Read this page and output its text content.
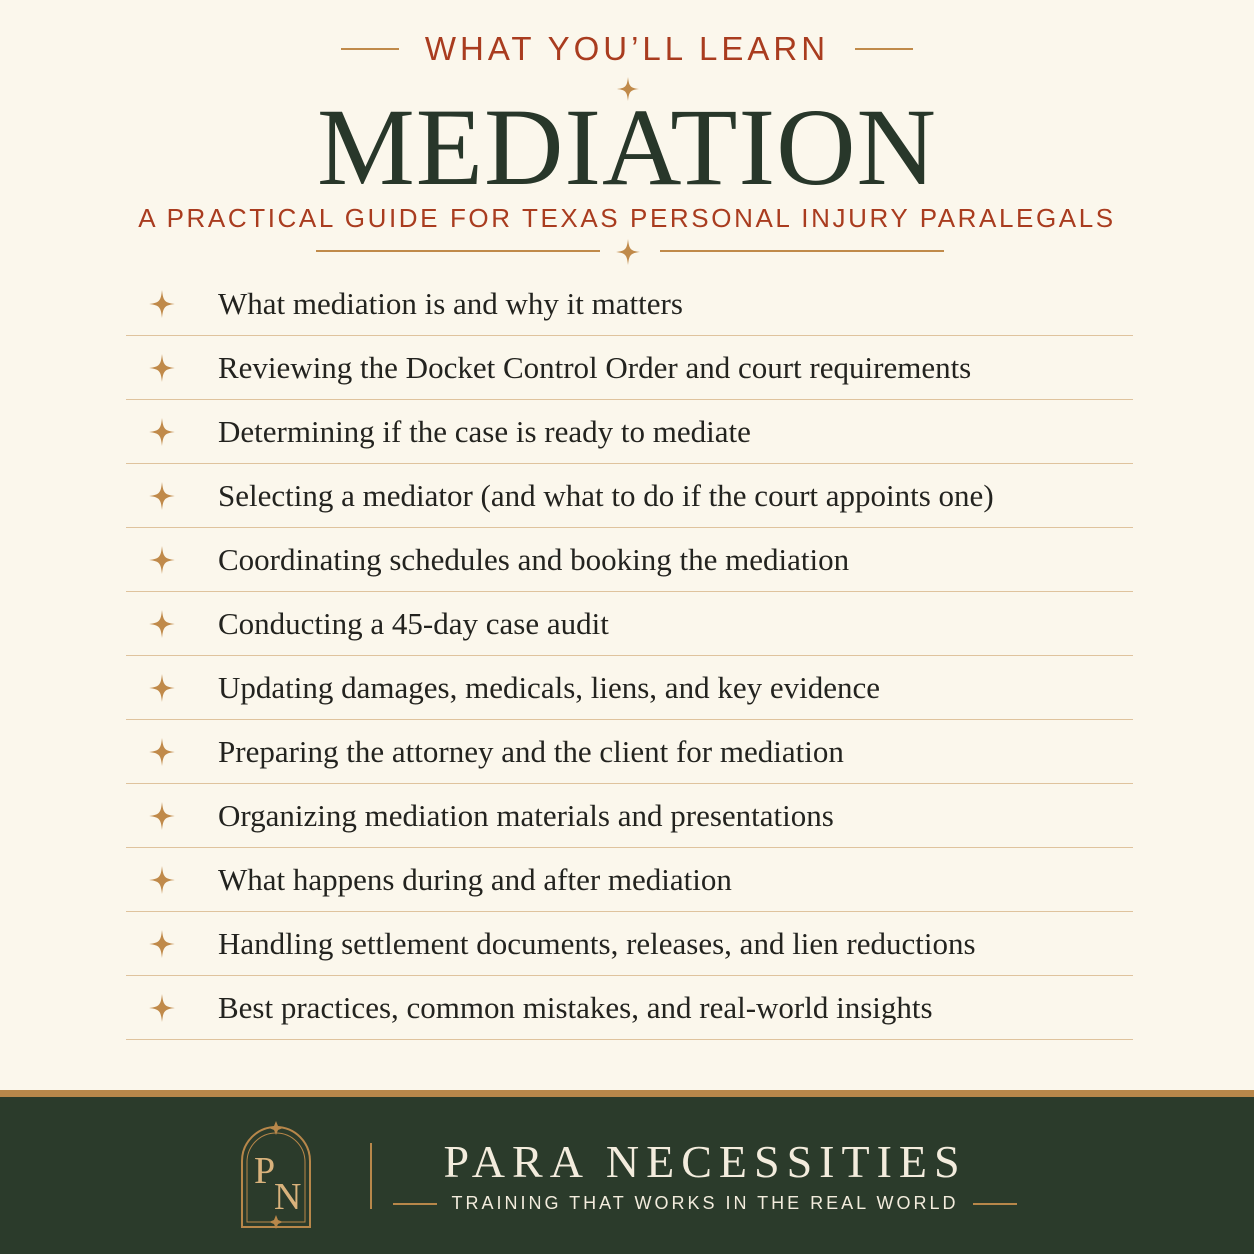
WHAT YOU’LL LEARN
MEDIATION
A PRACTICAL GUIDE FOR TEXAS PERSONAL INJURY PARALEGALS
What mediation is and why it matters
Reviewing the Docket Control Order and court requirements
Determining if the case is ready to mediate
Selecting a mediator (and what to do if the court appoints one)
Coordinating schedules and booking the mediation
Conducting a 45-day case audit
Updating damages, medicals, liens, and key evidence
Preparing the attorney and the client for mediation
Organizing mediation materials and presentations
What happens during and after mediation
Handling settlement documents, releases, and lien reductions
Best practices, common mistakes, and real-world insights
P
N
PARA NECESSITIES
TRAINING THAT WORKS IN THE REAL WORLD
